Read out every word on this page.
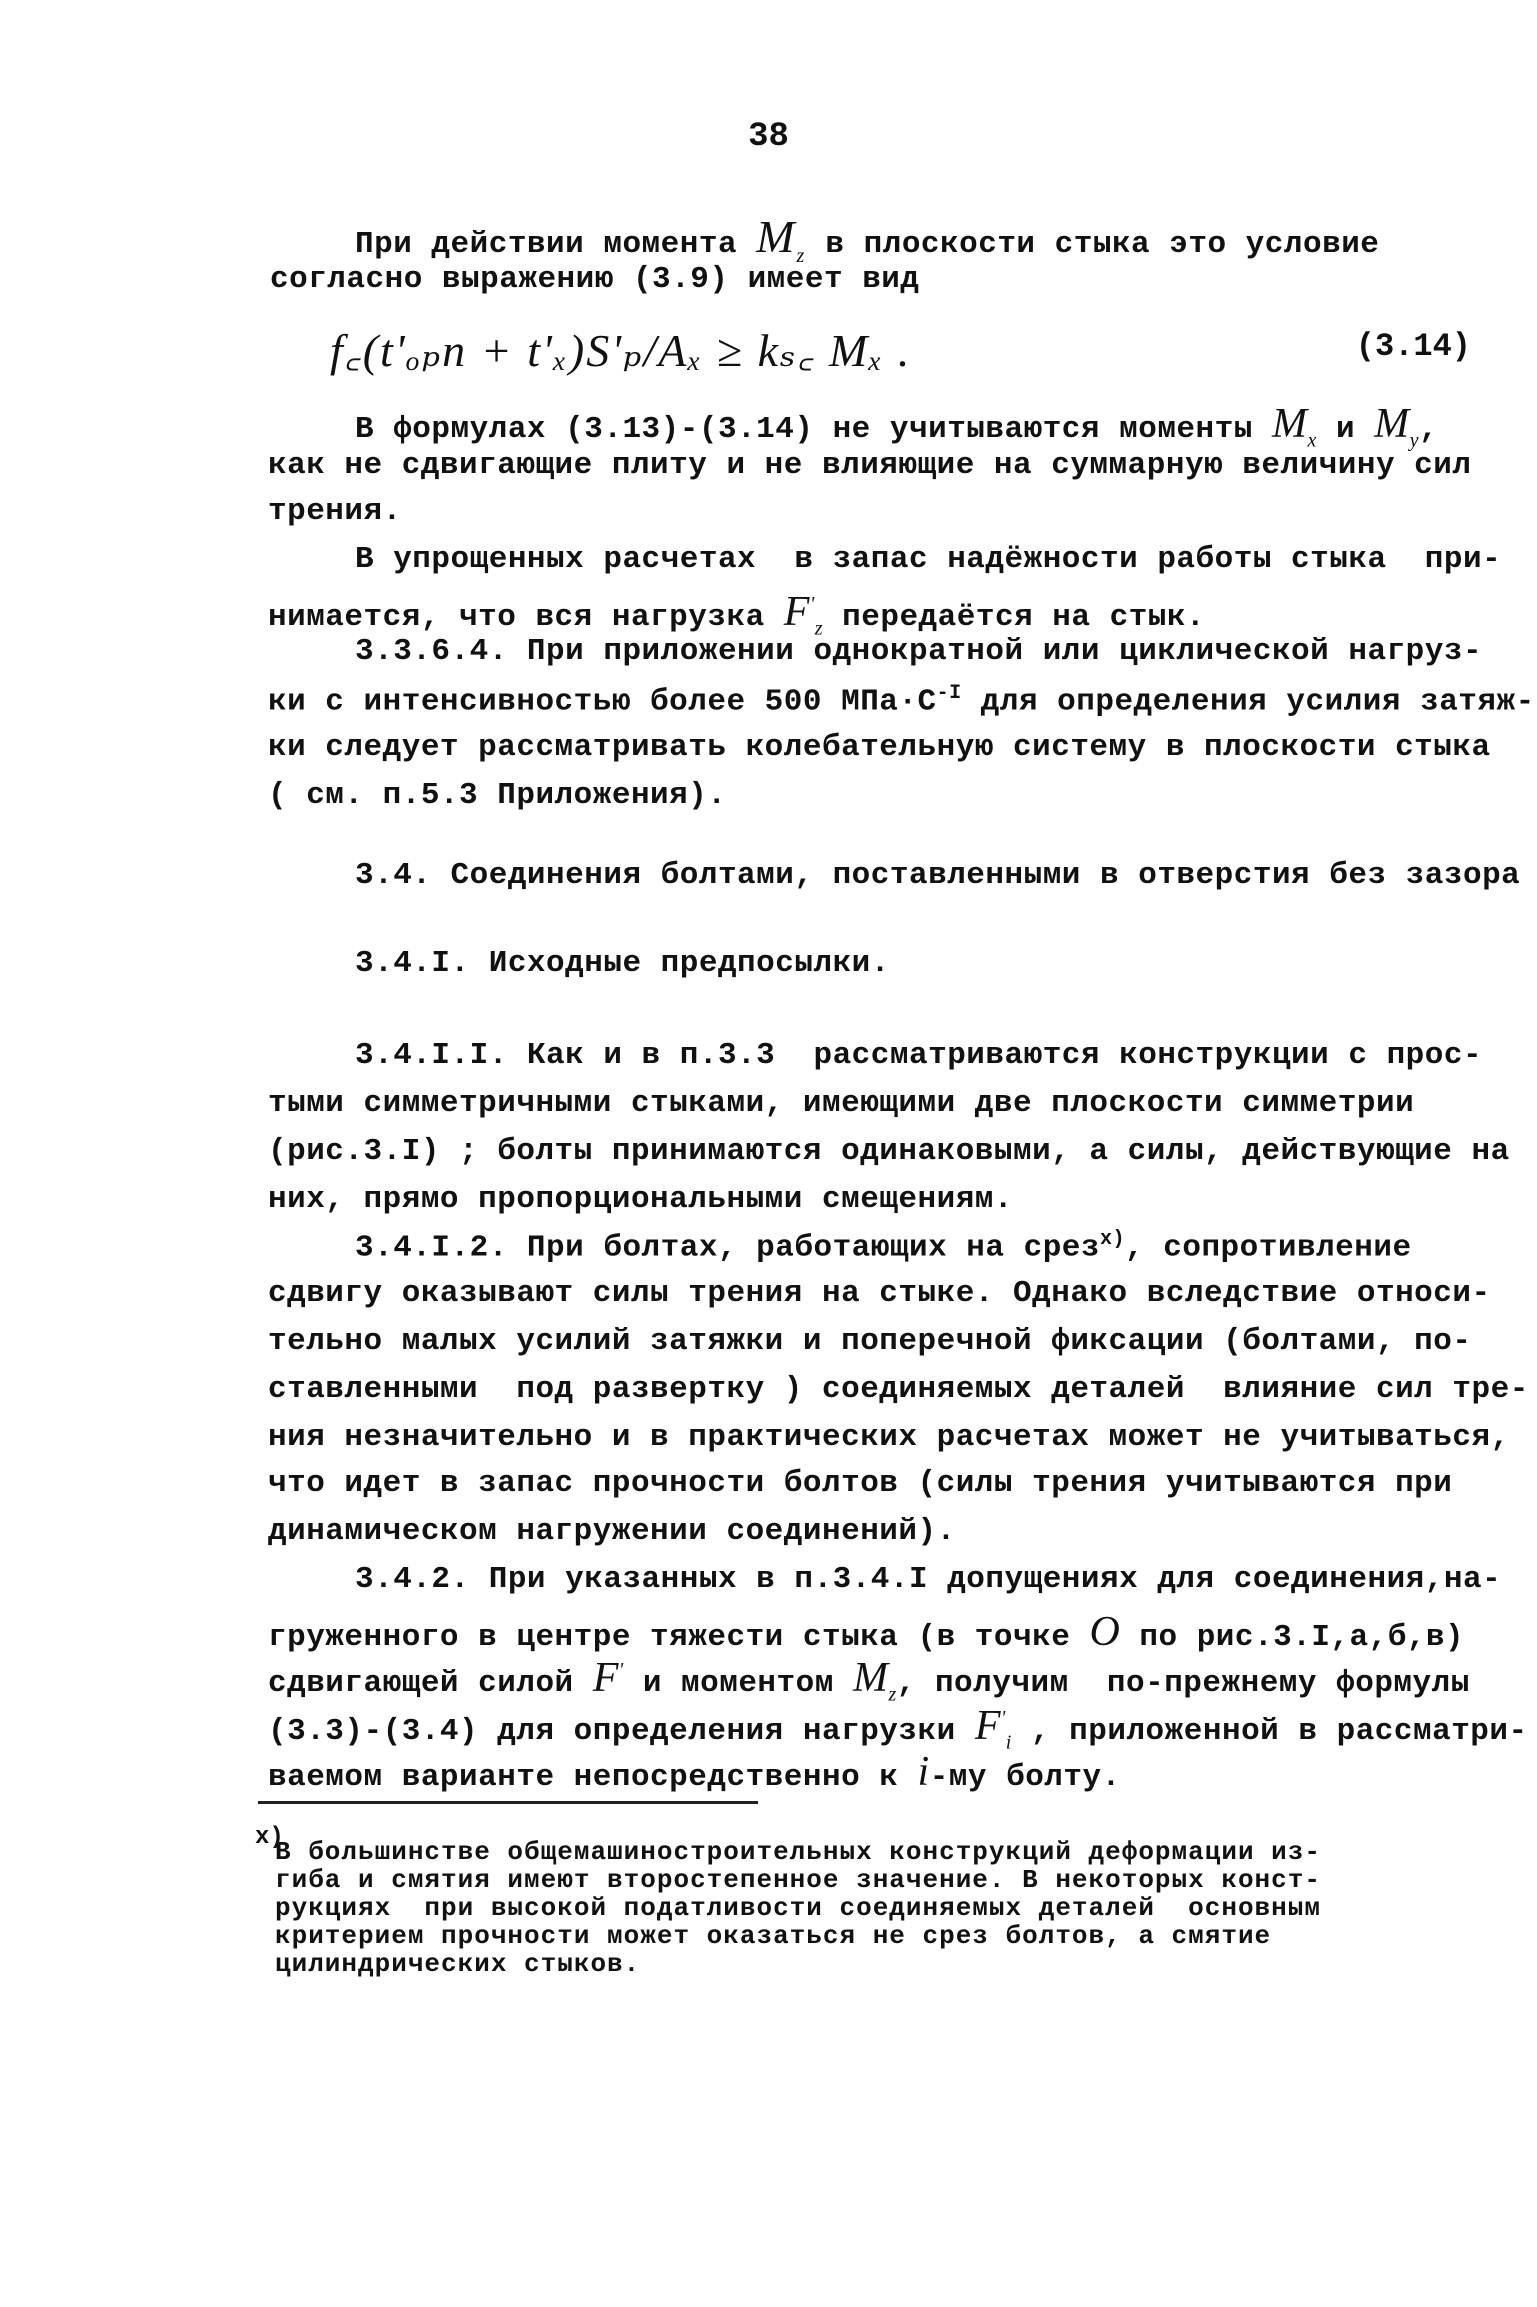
38
При действии момента $M_z$ в плоскости стыка это условие
согласно выражению (3.9) имеет вид
f꜀(t'ₒₚn + t'ₓ)S'ₚ/Aₓ ≥ kₛ꜀ Mₓ .	(3.14)
В формулах (3.13)-(3.14) не учитываются моменты $M_x$ и $M_y$,
как не сдвигающие плиту и не влияющие на суммарную величину сил
трения.
В упрощенных расчетах  в запас надёжности работы стыка  при-
нимается, что вся нагрузка $F'_z$ передаётся на стык.
3.3.6.4. При приложении однократной или циклической нагруз-
ки с интенсивностью более 500 $МПа\cdot С^{-I}$ для определения усилия затяж-
ки следует рассматривать колебательную систему в плоскости стыка
( см. п.5.3 Приложения).
3.4. Соединения болтами, поставленными в отверстия без зазора
3.4.I. Исходные предпосылки.
3.4.I.I. Как и в п.3.3  рассматриваются конструкции с прос-
тыми симметричными стыками, имеющими две плоскости симметрии
(рис.3.I) ; болты принимаются одинаковыми, а силы, действующие на
них, прямо пропорциональными смещениям.
3.4.I.2. При болтах, работающих на срез$^{x)}$, сопротивление
сдвигу оказывают силы трения на стыке. Однако вследствие относи-
тельно малых усилий затяжки и поперечной фиксации (болтами, по-
ставленными  под развертку ) соединяемых деталей  влияние сил тре-
ния незначительно и в практических расчетах может не учитываться,
что идет в запас прочности болтов (силы трения учитываются при
динамическом нагружении соединений).
3.4.2. При указанных в п.3.4.I допущениях для соединения,на-
груженного в центре тяжести стыка (в точке O по рис.3.I,а,б,в)
сдвигающей силой F' и моментом $M_z$, получим  по-прежнему формулы
(3.3)-(3.4) для определения нагрузки $F'_i$ , приложенной в рассматри-
ваемом варианте непосредственно к i-му болту.
x)
В большинстве общемашиностроительных конструкций деформации из-
гиба и смятия имеют второстепенное значение. В некоторых конст-
рукциях  при высокой податливости соединяемых деталей  основным
критерием прочности может оказаться не срез болтов, а смятие
цилиндрических стыков.
